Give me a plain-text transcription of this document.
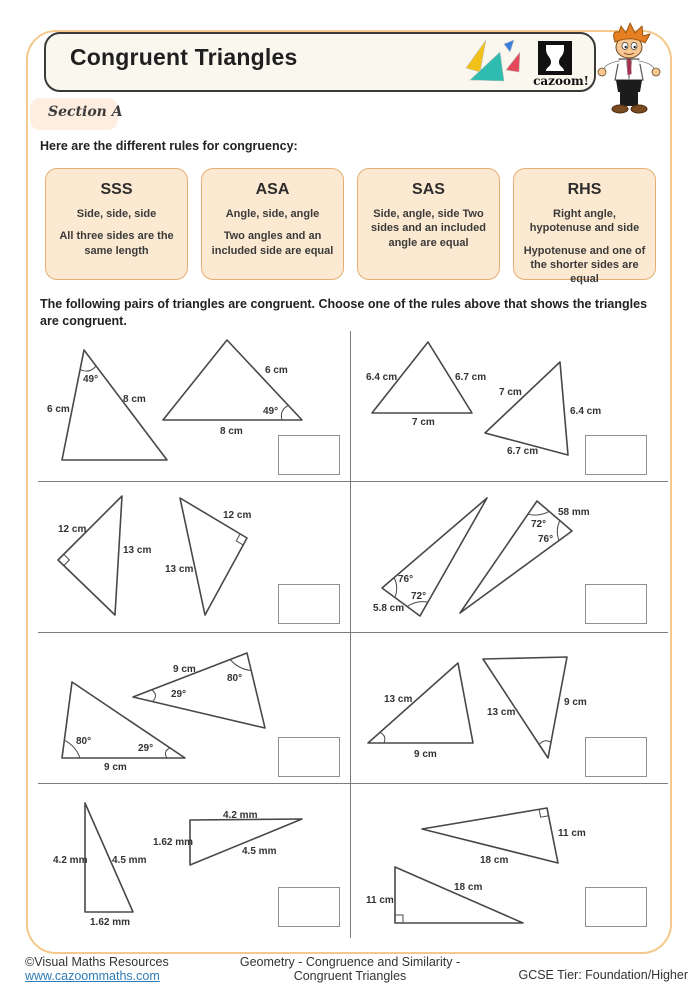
Congruent Triangles
cazoom!
Section A
Here are the different rules for congruency:
SSS
Side, side, side
All three sides are the same length
ASA
Angle, side, angle
Two angles and an included side are equal
SAS
Side, angle, side Two sides and an included angle are equal
RHS
Right angle, hypotenuse and side
Hypotenuse and one of the shorter sides are equal
The following pairs of triangles are congruent. Choose one of the rules above that shows the triangles are congruent.
49°
8 cm
6 cm
6 cm
49°
8 cm
6.4 cm	6.7 cm
7 cm
7 cm
6.4 cm
6.7 cm
12 cm
13 cm
12 cm
13 cm
76°
72°
5.8 cm
58 mm
72°
76°
80°
29°
9 cm
9 cm
80°
29°	13 cm
9 cm
13 cm
9 cm
4.2 mm 4.5 mm
1.62 mm
4.2 mm
1.62 mm
4.5 mm
11 cm
18 cm
18 cm
11 cm
©Visual Maths Resources
www.cazoommaths.com
Geometry - Congruence and Similarity -
Congruent Triangles	GCSE Tier: Foundation/Higher
